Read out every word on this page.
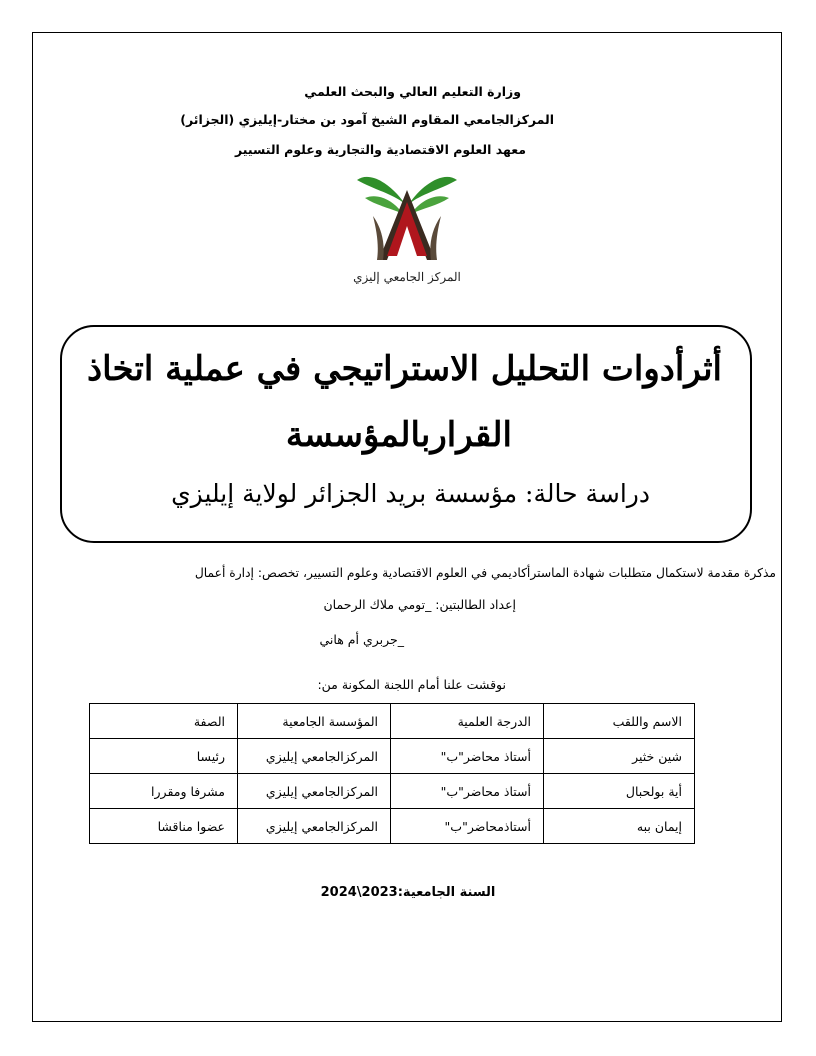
وزارة التعليم العالي والبحث العلمي
المركزالجامعي المقاوم الشيخ آمود بن مختار-إيليزي (الجزائر)
معهد العلوم الاقتصادية والتجارية وعلوم التسيير
المركز الجامعي إليزي
أثرأدوات التحليل الاستراتيجي في عملية اتخاذ
القراربالمؤسسة
دراسة حالة: مؤسسة بريد الجزائر لولاية إيليزي
مذكرة مقدمة لاستكمال متطلبات شهادة الماسترأكاديمي في العلوم الاقتصادية وعلوم التسيير، تخصص: إدارة أعمال
إعداد الطالبتين: _تومي ملاك الرحمان
_جربري أم هاني
نوقشت علنا أمام اللجنة المكونة من:
الاسم واللقب	الدرجة العلمية	المؤسسة الجامعية	الصفة
شين خثير	أستاذ محاضر"ب"	المركزالجامعي إيليزي	رئيسا
أية بولحبال	أستاذ محاضر"ب"	المركزالجامعي إيليزي	مشرفا ومقررا
إيمان ببه	أستاذمحاضر"ب"	المركزالجامعي إيليزي	عضوا مناقشا
السنة الجامعية:2023\2024
